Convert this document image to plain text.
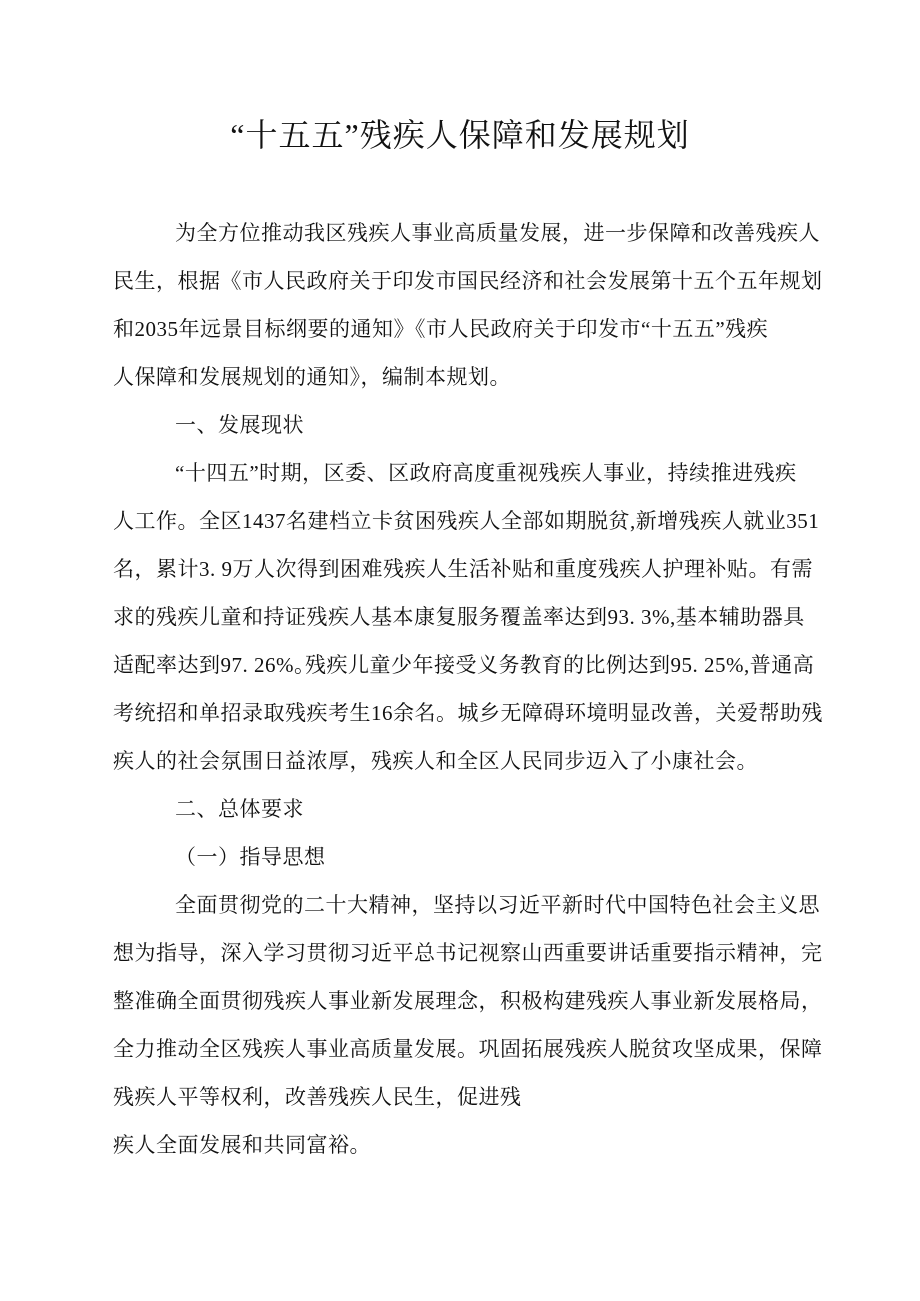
“十五五”残疾人保障和发展规划
为全方位推动我区残疾人事业高质量发展，进一步保障和改善残疾人
民生，根据《市人民政府关于印发市国民经济和社会发展第十五个五年规划
和2035年远景目标纲要的通知》《市人民政府关于印发市“十五五”残疾
人保障和发展规划的通知》，编制本规划。
一、发展现状
“十四五”时期，区委、区政府高度重视残疾人事业，持续推进残疾
人工作。全区1437名建档立卡贫困残疾人全部如期脱贫,新增残疾人就业351
名，累计3. 9万人次得到困难残疾人生活补贴和重度残疾人护理补贴。有需
求的残疾儿童和持证残疾人基本康复服务覆盖率达到93. 3%,基本辅助器具
适配率达到97. 26%｡残疾儿童少年接受义务教育的比例达到95. 25%,普通高
考统招和单招录取残疾考生16余名。城乡无障碍环境明显改善，关爱帮助残
疾人的社会氛围日益浓厚，残疾人和全区人民同步迈入了小康社会。
二、总体要求
（一）指导思想
全面贯彻党的二十大精神，坚持以习近平新时代中国特色社会主义思
想为指导，深入学习贯彻习近平总书记视察山西重要讲话重要指示精神，完
整准确全面贯彻残疾人事业新发展理念，积极构建残疾人事业新发展格局，
全力推动全区残疾人事业高质量发展。巩固拓展残疾人脱贫攻坚成果，保障
残疾人平等权利，改善残疾人民生，促进残
疾人全面发展和共同富裕。
